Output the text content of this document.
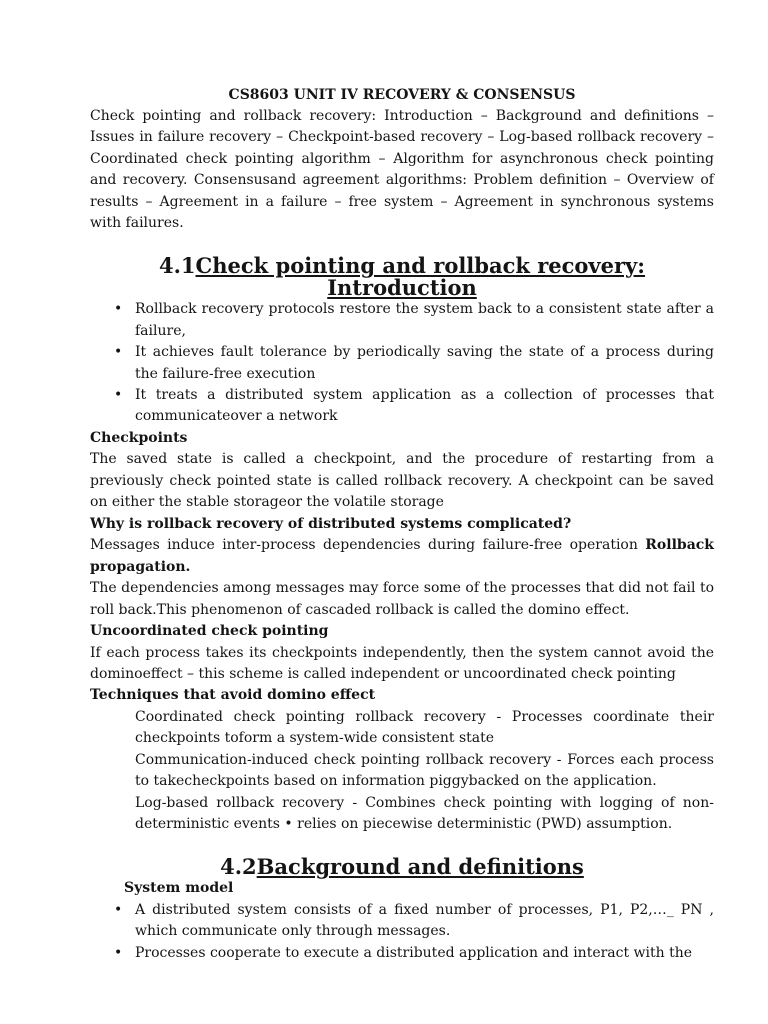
CS8603 UNIT IV RECOVERY & CONSENSUS

Check pointing and rollback recovery: Introduction – Background and definitions – Issues in failure recovery – Checkpoint-based recovery – Log-based rollback recovery – Coordinated check pointing algorithm – Algorithm for asynchronous check pointing and recovery. Consensusand agreement algorithms: Problem definition – Overview of results – Agreement in a failure – free system – Agreement in synchronous systems with failures.

4.1Check pointing and rollback recovery: Introduction
• Rollback recovery protocols restore the system back to a consistent state after a failure,
• It achieves fault tolerance by periodically saving the state of a process during the failure-free execution
• It treats a distributed system application as a collection of processes that communicateover a network
Checkpoints

The saved state is called a checkpoint, and the procedure of restarting from a previously check pointed state is called rollback recovery. A checkpoint can be saved on either the stable storageor the volatile storage

Why is rollback recovery of distributed systems complicated?

Messages induce inter-process dependencies during failure-free operation Rollback propagation.

The dependencies among messages may force some of the processes that did not fail to roll back.This phenomenon of cascaded rollback is called the domino effect.

Uncoordinated check pointing

If each process takes its checkpoints independently, then the system cannot avoid the dominoeffect – this scheme is called independent or uncoordinated check pointing

Techniques that avoid domino effect

Coordinated check pointing rollback recovery - Processes coordinate their checkpoints toform a system-wide consistent state

Communication-induced check pointing rollback recovery - Forces each process to takecheckpoints based on information piggybacked on the application.

Log-based rollback recovery - Combines check pointing with logging of non-deterministic events • relies on piecewise deterministic (PWD) assumption.

4.2Background and definitions
System model
• A distributed system consists of a fixed number of processes, P1, P2,…_ PN , which communicate only through messages.
• Processes cooperate to execute a distributed application and interact with the
